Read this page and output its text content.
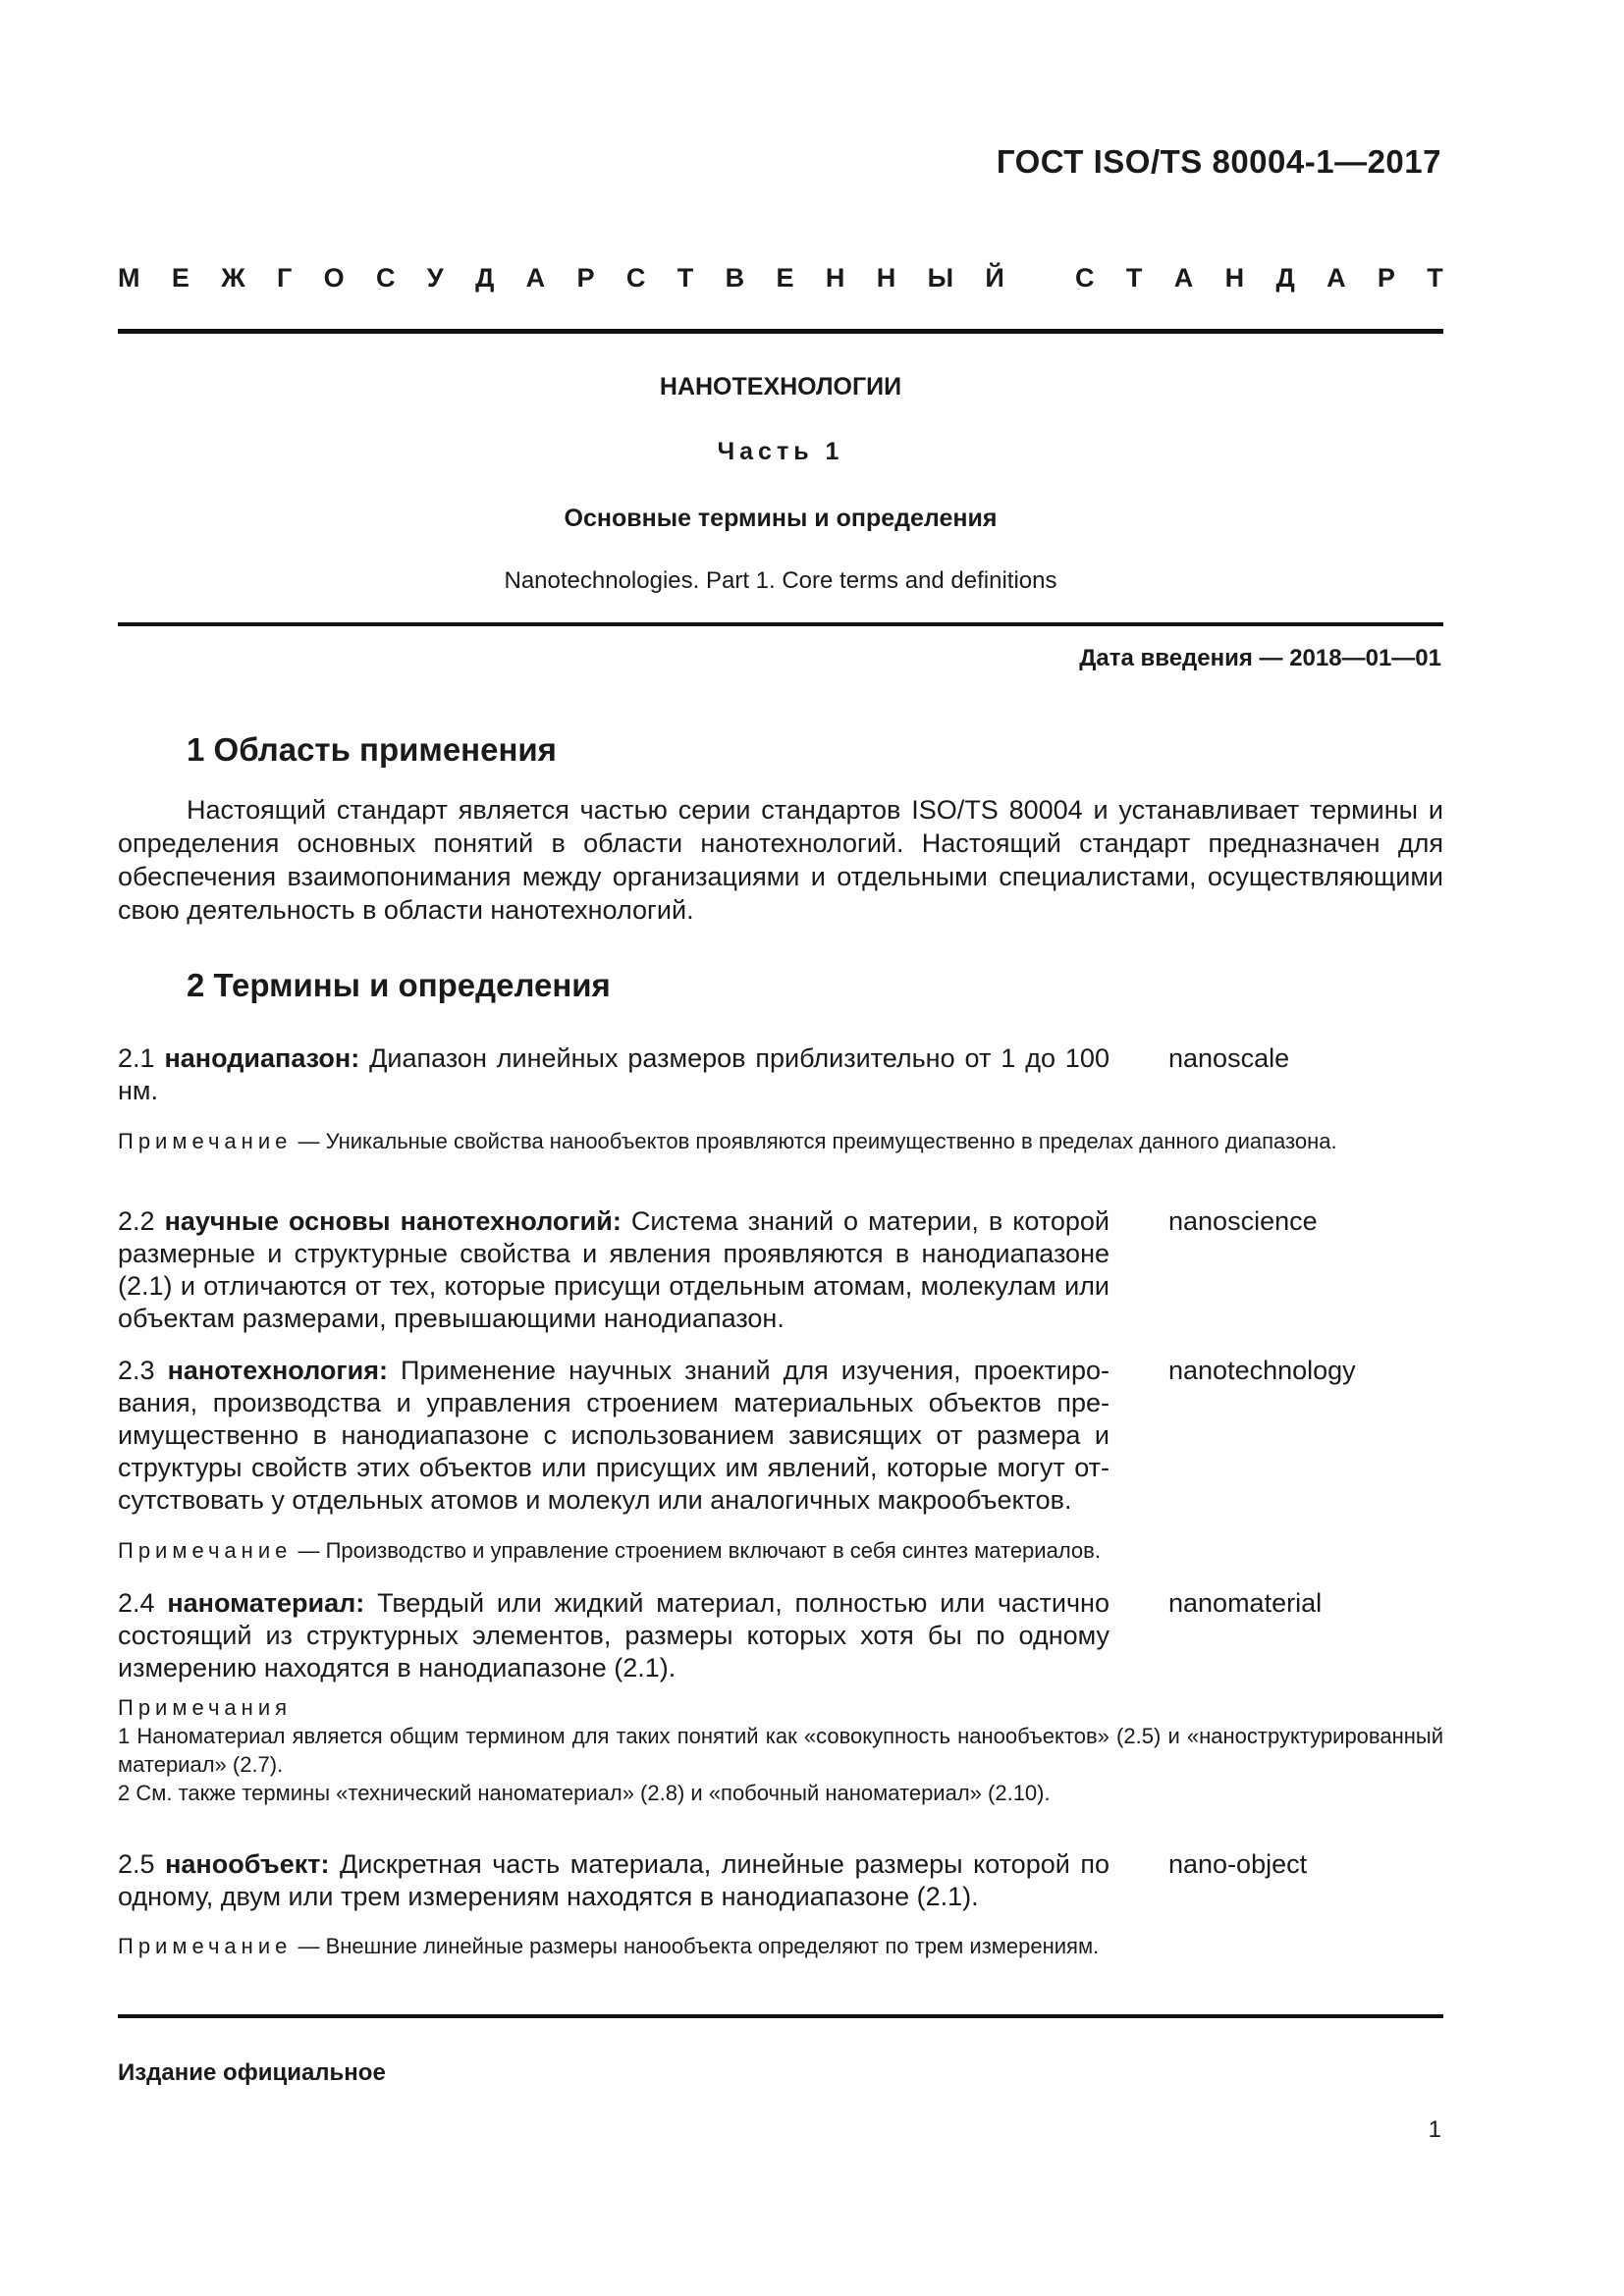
ГОСТ ISO/TS 80004-1—2017
М Е Ж Г О С У Д А Р С Т В Е Н Н Ы Й
	С Т А Н Д А Р Т
НАНОТЕХНОЛОГИИ
Часть 1
Основные термины и определения
Nanotechnologies. Part 1. Core terms and definitions
Дата введения — 2018—01—01
1 Область применения
Настоящий стандарт является частью серии стандартов ISO/TS 80004 и устанавливает термины и определения основных понятий в области нанотехнологий. Настоящий стандарт предназначен для обеспечения взаимопонимания между организациями и отдельными специалистами, осуществляющими свою деятельность в области нанотехнологий.
2 Термины и определения
2.1 нанодиапазон: Диапазон линейных размеров приблизительно от 1 до 100 нм.
nanoscale
Примечание — Уникальные свойства нанообъектов проявляются преимущественно в пределах данного диапазона.
2.2 научные основы нанотехнологий: Система знаний о материи, в которой размерные и структурные свойства и явления проявляются в нанодиапазоне (2.1) и отличаются от тех, которые присущи отдельным атомам, молекулам или объектам размерами, превышающими нанодиапазон.
nanoscience
2.3 нанотехнология: Применение научных знаний для изучения, проектирования, производства и управления строением материальных объектов преимущественно в нанодиапазоне с использованием зависящих от размера и структуры свойств этих объектов или присущих им явлений, которые могут отсутствовать у отдельных атомов и молекул или аналогичных макрообъектов.
nanotechnology
Примечание — Производство и управление строением включают в себя синтез материалов.
2.4 наноматериал: Твердый или жидкий материал, полностью или частично состоящий из структурных элементов, размеры которых хотя бы по одному измерению находятся в нанодиапазоне (2.1).
nanomaterial
Примечания
1 Наноматериал является общим термином для таких понятий как «совокупность нанообъектов» (2.5) и «наноструктурированный материал» (2.7).
2 См. также термины «технический наноматериал» (2.8) и «побочный наноматериал» (2.10).
2.5 нанообъект: Дискретная часть материала, линейные размеры которой по одному, двум или трем измерениям находятся в нанодиапазоне (2.1).
nano-object
Примечание — Внешние линейные размеры нанообъекта определяют по трем измерениям.
Издание официальное
1
